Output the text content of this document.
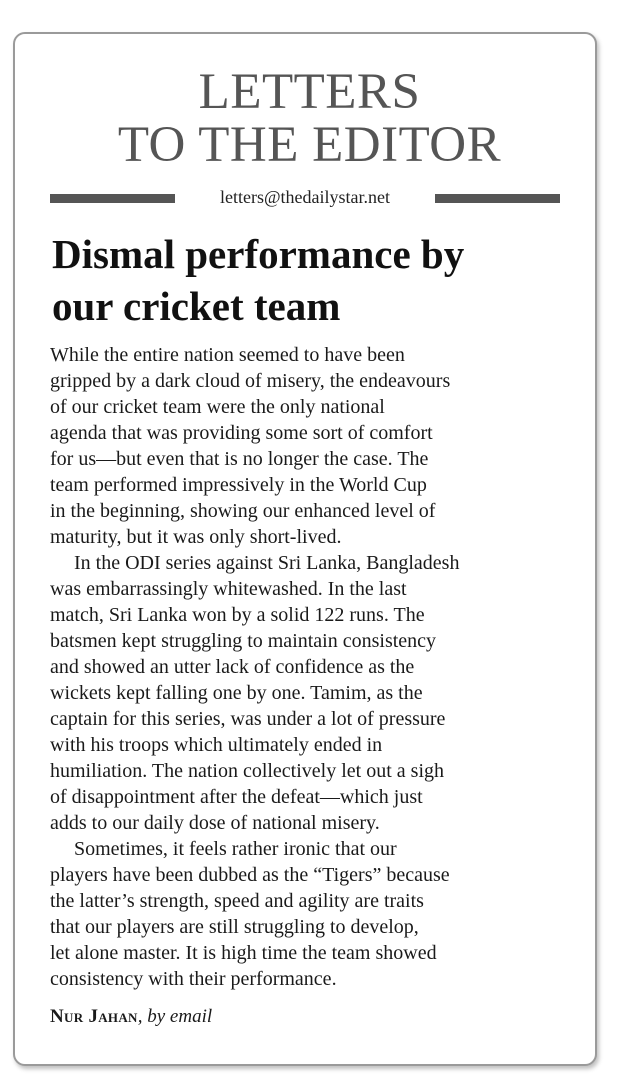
LETTERS
TO THE EDITOR
letters@thedailystar.net
Dismal performance by
our cricket team
While the entire nation seemed to have been
gripped by a dark cloud of misery, the endeavours
of our cricket team were the only national
agenda that was providing some sort of comfort
for us—but even that is no longer the case. The
team performed impressively in the World Cup
in the beginning, showing our enhanced level of
maturity, but it was only short-lived.
In the ODI series against Sri Lanka, Bangladesh
was embarrassingly whitewashed. In the last
match, Sri Lanka won by a solid 122 runs. The
batsmen kept struggling to maintain consistency
and showed an utter lack of confidence as the
wickets kept falling one by one. Tamim, as the
captain for this series, was under a lot of pressure
with his troops which ultimately ended in
humiliation. The nation collectively let out a sigh
of disappointment after the defeat—which just
adds to our daily dose of national misery.
Sometimes, it feels rather ironic that our
players have been dubbed as the “Tigers” because
the latter’s strength, speed and agility are traits
that our players are still struggling to develop,
let alone master. It is high time the team showed
consistency with their performance.
Nur Jahan, by email
